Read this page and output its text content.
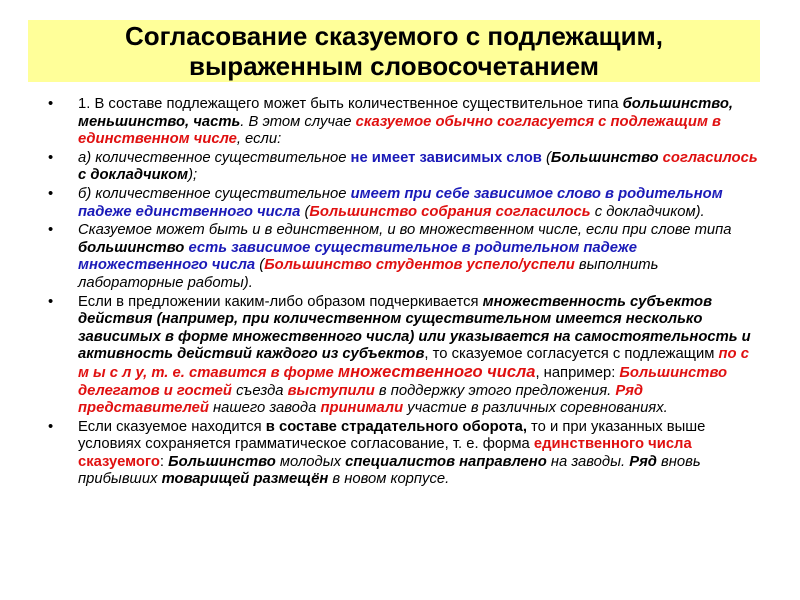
Согласование сказуемого с подлежащим,
выраженным словосочетанием
•	1. В составе подлежащего может быть количественное существительное типа большинство, меньшинство, часть. В этом случае сказуемое обычно согласуется с подлежащим в единственном числе, если:
•	а) количественное существительное не имеет зависимых слов (Большинство согласилось с докладчиком);
•	б) количественное существительное имеет при себе зависимое слово в родительном падеже единственного числа (Большинство собрания согласилось с докладчиком).
•	Сказуемое может быть и в единственном, и во множественном числе, если при слове типа большинство есть зависимое существительное в родительном падеже множественного числа (Большинство студентов успело/успели выполнить лабораторные работы).
•	Если в предложении каким-либо образом подчеркивается множественность субъектов действия (например, при количественном существительном имеется несколько зависимых в форме множественного числа) или указывается на самостоятельность и активность действий каждого из субъектов, то сказуемое согласуется с подлежащим по с м ы с л у, т. е. ставится в форме множественного числа, например: Большинство делегатов и гостей съезда выступили в поддержку этого предложения. Ряд представителей нашего завода принимали участие в различных соревнованиях.
•	Если сказуемое находится в составе страдательного оборота, то и при указанных выше условиях сохраняется грамматическое согласование, т. е. форма единственного числа сказуемого: Большинство молодых специалистов направлено на заводы. Ряд вновь прибывших товарищей размещён в новом корпусе.
